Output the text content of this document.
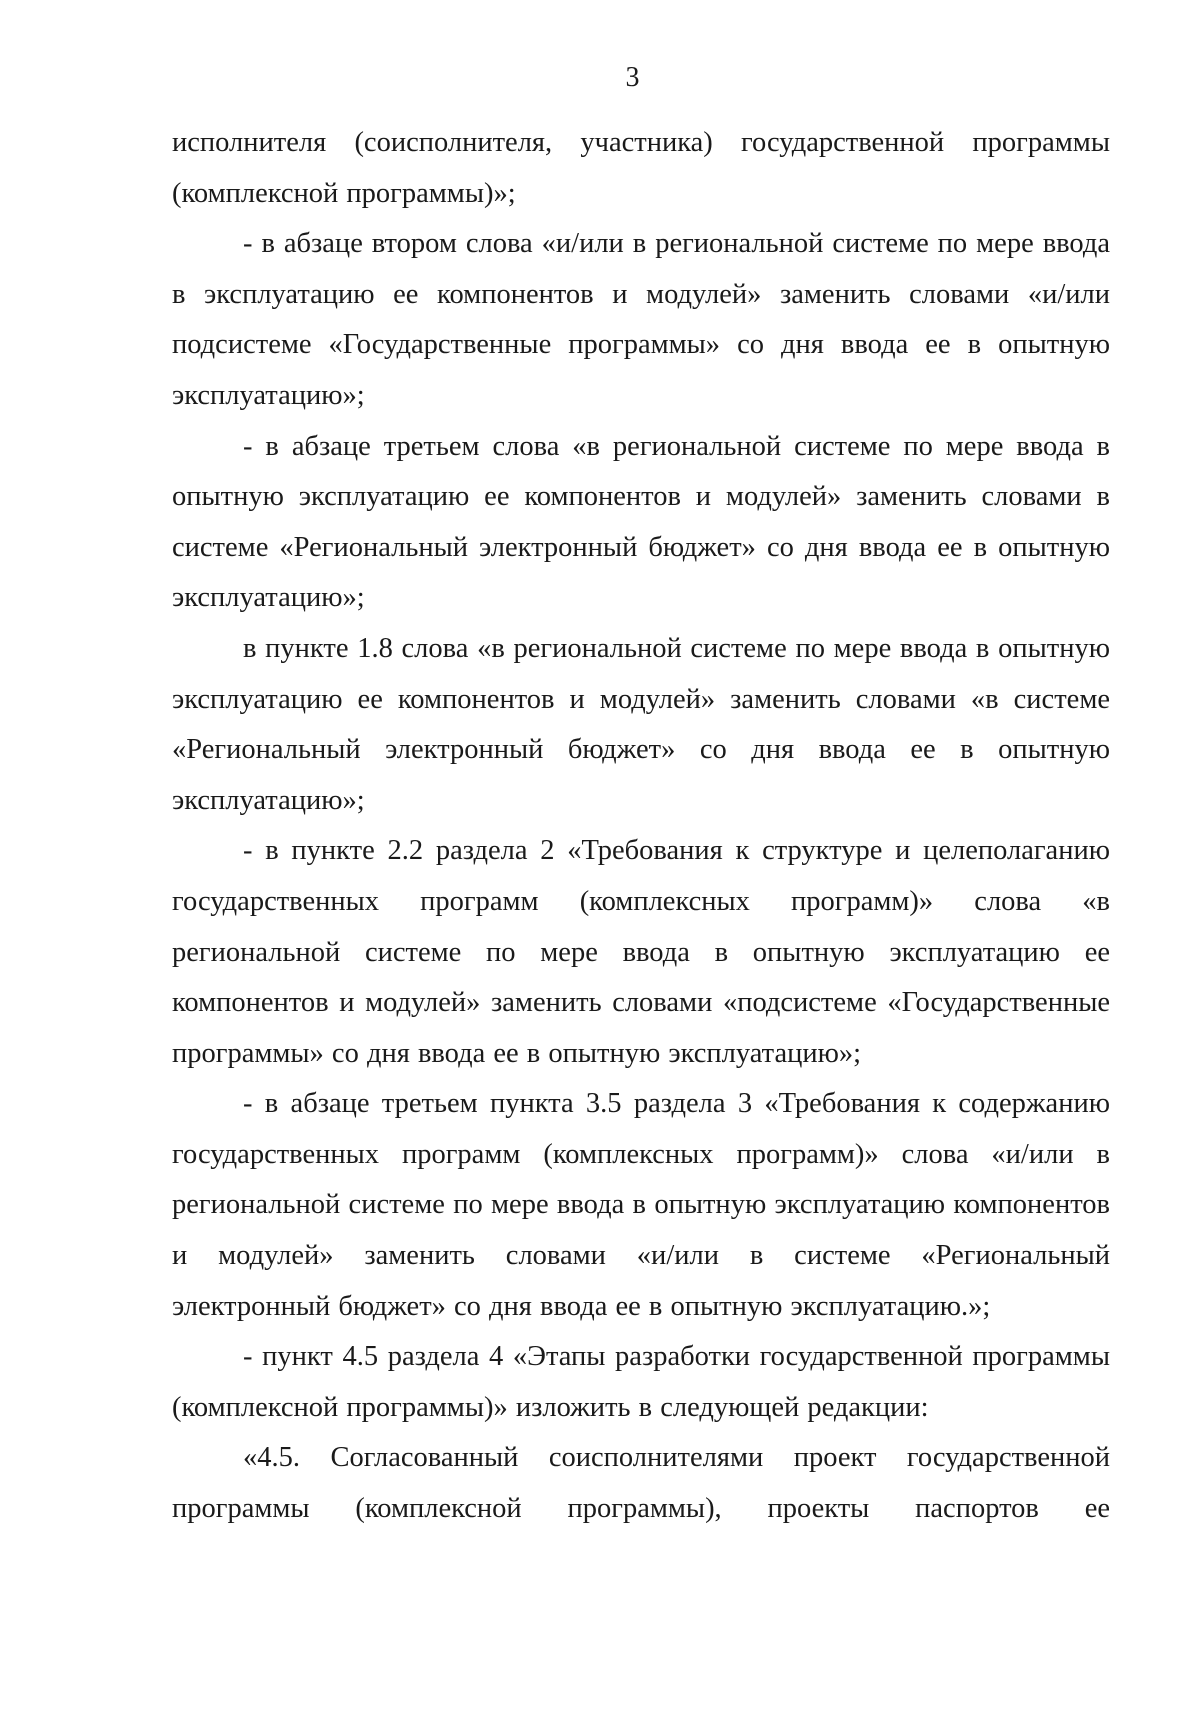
3

исполнителя (соисполнителя, участника) государственной программы (комплексной программы)»;

- в абзаце втором слова «и/или в региональной системе по мере ввода в эксплуатацию ее компонентов и модулей» заменить словами «и/или подсистеме «Государственные программы» со дня ввода ее в опытную эксплуатацию»;

- в абзаце третьем слова «в региональной системе по мере ввода в опытную эксплуатацию ее компонентов и модулей» заменить словами в системе «Региональный электронный бюджет» со дня ввода ее в опытную эксплуатацию»;

в пункте 1.8 слова «в региональной системе по мере ввода в опытную эксплуатацию ее компонентов и модулей» заменить словами «в системе «Региональный электронный бюджет» со дня ввода ее в опытную эксплуатацию»;

- в пункте 2.2 раздела 2 «Требования к структуре и целеполаганию государственных программ (комплексных программ)» слова «в региональной системе по мере ввода в опытную эксплуатацию ее компонентов и модулей» заменить словами «подсистеме «Государственные программы» со дня ввода ее в опытную эксплуатацию»;

- в абзаце третьем пункта 3.5 раздела 3 «Требования к содержанию государственных программ (комплексных программ)» слова «и/или в региональной системе по мере ввода в опытную эксплуатацию компонентов и модулей» заменить словами «и/или в системе «Региональный электронный бюджет» со дня ввода ее в опытную эксплуатацию.»;

- пункт 4.5 раздела 4 «Этапы разработки государственной программы (комплексной программы)» изложить в следующей редакции:

«4.5. Согласованный соисполнителями проект государственной программы (комплексной программы), проекты паспортов ее
